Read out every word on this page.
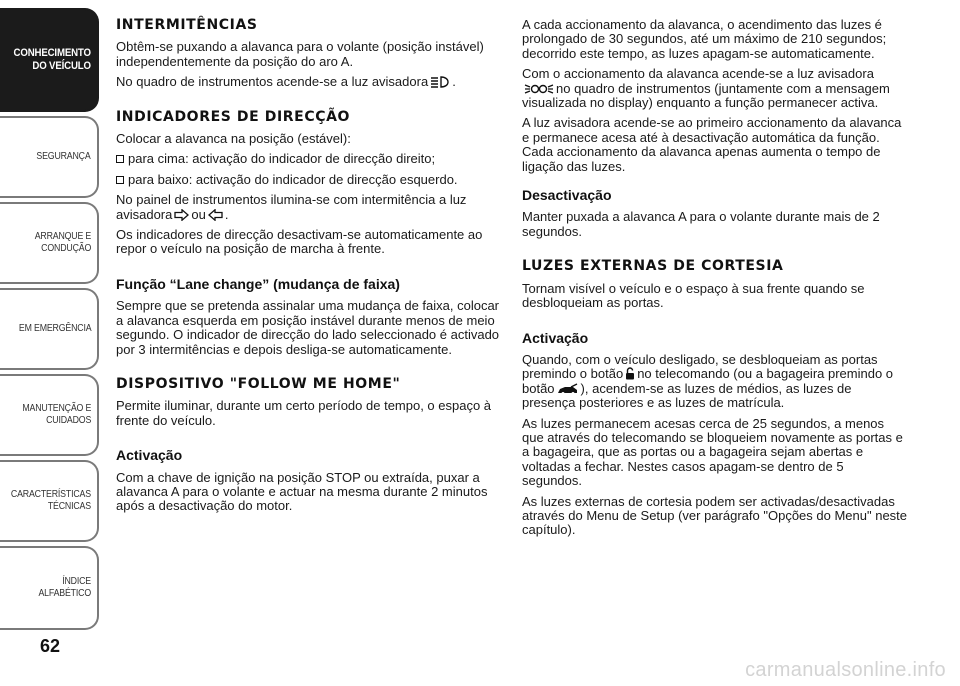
CONHECIMENTO
DO VEÍCULO
SEGURANÇA
ARRANQUE E
CONDUÇÃO
EM EMERGÊNCIA
MANUTENÇÃO E
CUIDADOS
CARACTERÍSTICAS
TÉCNICAS
ÍNDICE ALFABÉTICO
62
INTERMITÊNCIAS

Obtêm-se puxando a alavanca para o volante (posição instável) independentemente da posição do aro A.

No quadro de instrumentos acende-se a luz avisadora .

INDICADORES DE DIRECÇÃO

Colocar a alavanca na posição (estável):

para cima: activação do indicador de direcção direito;

para baixo: activação do indicador de direcção esquerdo.

No painel de instrumentos ilumina-se com intermitência a luz avisadora ou .

Os indicadores de direcção desactivam-se automaticamente ao repor o veículo na posição de marcha à frente.

Função “Lane change” (mudança de faixa)

Sempre que se pretenda assinalar uma mudança de faixa, colocar a alavanca esquerda em posição instável durante menos de meio segundo. O indicador de direcção do lado seleccionado é activado por 3 intermitências e depois desliga-se automaticamente.

DISPOSITIVO "FOLLOW ME HOME"

Permite iluminar, durante um certo período de tempo, o espaço à frente do veículo.

Activação

Com a chave de ignição na posição STOP ou extraída, puxar a alavanca A para o volante e actuar na mesma durante 2 minutos após a desactivação do motor.

A cada accionamento da alavanca, o acendimento das luzes é prolongado de 30 segundos, até um máximo de 210 segundos; decorrido este tempo, as luzes apagam-se automaticamente.

Com o accionamento da alavanca acende-se a luz avisadorano quadro de instrumentos (juntamente com a mensagem visualizada no display) enquanto a função permanecer activa.

A luz avisadora acende-se ao primeiro accionamento da alavanca e permanece acesa até à desactivação automática da função. Cada accionamento da alavanca apenas aumenta o tempo de ligação das luzes.

Desactivação

Manter puxada a alavanca A para o volante durante mais de 2 segundos.

LUZES EXTERNAS DE CORTESIA

Tornam visível o veículo e o espaço à sua frente quando se desbloqueiam as portas.

Activação

Quando, com o veículo desligado, se desbloqueiam as portas premindo o botão no telecomando (ou a bagageira premindo o botão ), acendem-se as luzes de médios, as luzes de presença posteriores e as luzes de matrícula.

As luzes permanecem acesas cerca de 25 segundos, a menos que através do telecomando se bloqueiem novamente as portas e a bagageira, que as portas ou a bagageira sejam abertas e voltadas a fechar. Nestes casos apagam-se dentro de 5 segundos.

As luzes externas de cortesia podem ser activadas/desactivadas através do Menu de Setup (ver parágrafo "Opções do Menu" neste capítulo).

carmanualsonline.info
